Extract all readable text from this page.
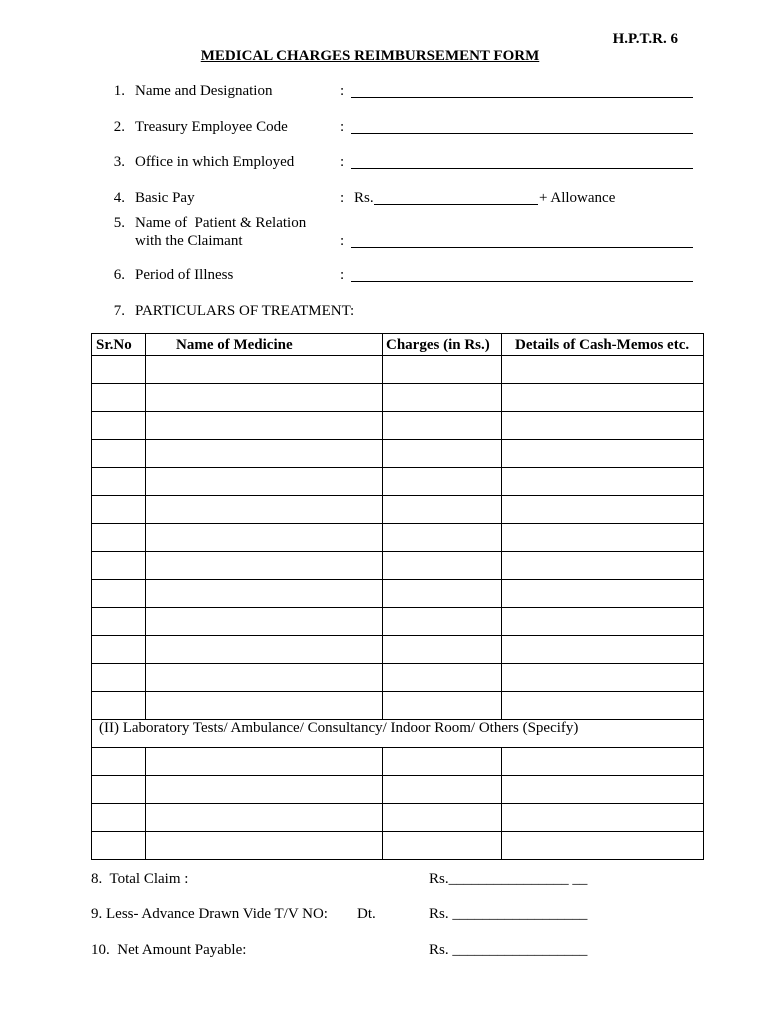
H.P.T.R. 6
MEDICAL CHARGES REIMBURSEMENT FORM
1. Name and Designation	:
2. Treasury Employee Code	:
3. Office in which Employed	:
4. Basic Pay	: Rs.	+ Allowance
5. Name of  Patient & Relation
with the Claimant	:
6. Period of Illness	:
7. PARTICULARS OF TREATMENT:
Sr.No	Name of Medicine	Charges (in Rs.)	Details of Cash-Memos etc.

(II) Laboratory Tests/ Ambulance/ Consultancy/ Indoor Room/ Others (Specify)			

8.  Total Claim :	Rs.________________ __
9. Less- Advance Drawn Vide T/V NO: Dt.	Rs. __________________
10.  Net Amount Payable:	Rs. __________________
